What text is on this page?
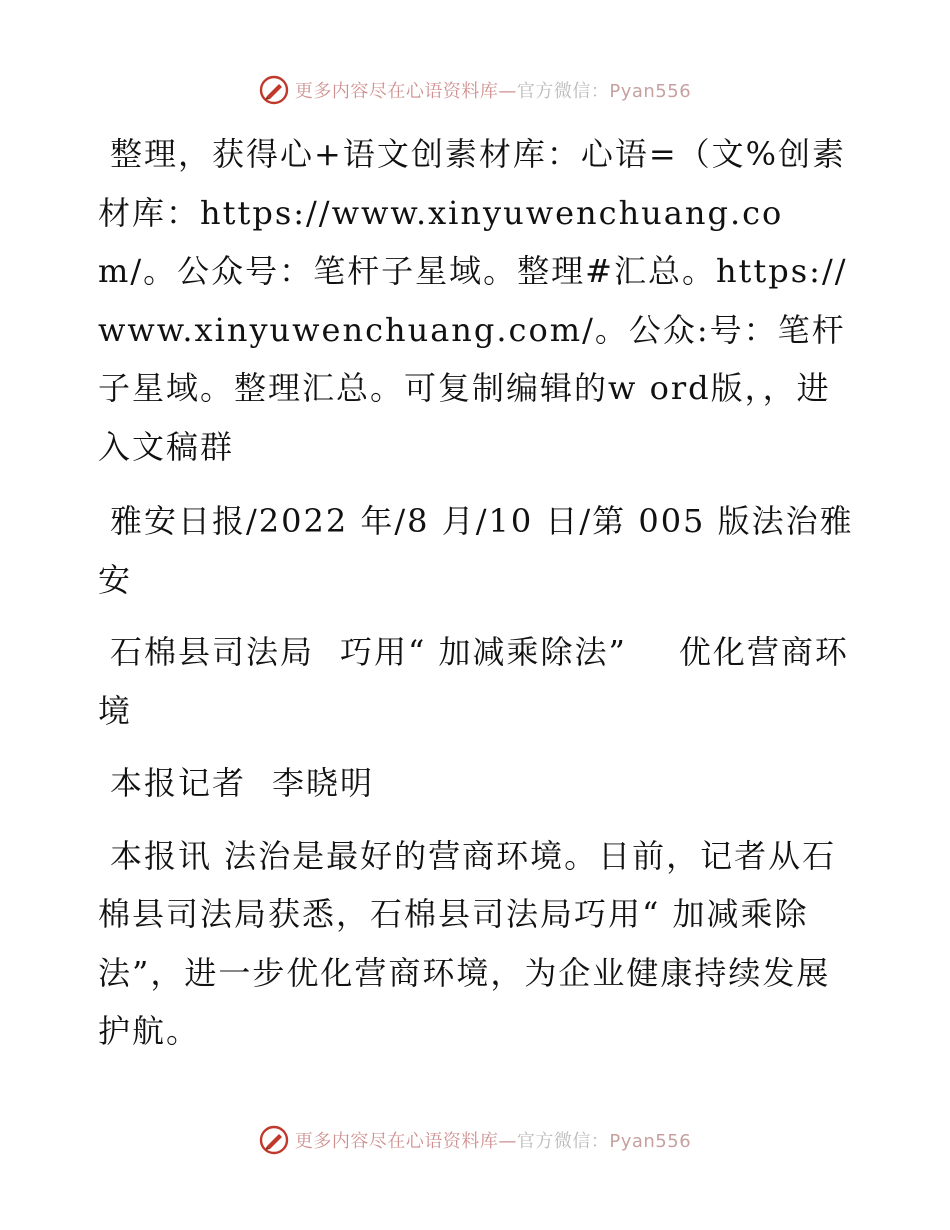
更多内容尽在心语资料库—官方微信：Pyan556

整理，获得心+语文创素材库：心语=（文%创素材库：https://www.xinyuwenchuang.com/。公众号：笔杆子星域。整理#汇总。https://www.xinyuwenchuang.com/。公众:号：笔杆子星域。整理汇总。可复制编辑的w ord版，，进入文稿群

雅安日报/2022 年/8 月/10 日/第 005 版法治雅安

石棉县司法局 巧用“ 加减乘除法” 优化营商环境

本报记者 李晓明

本报讯 法治是最好的营商环境。日前，记者从石棉县司法局获悉，石棉县司法局巧用“ 加减乘除法”，进一步优化营商环境，为企业健康持续发展护航。

更多内容尽在心语资料库—官方微信：Pyan556
